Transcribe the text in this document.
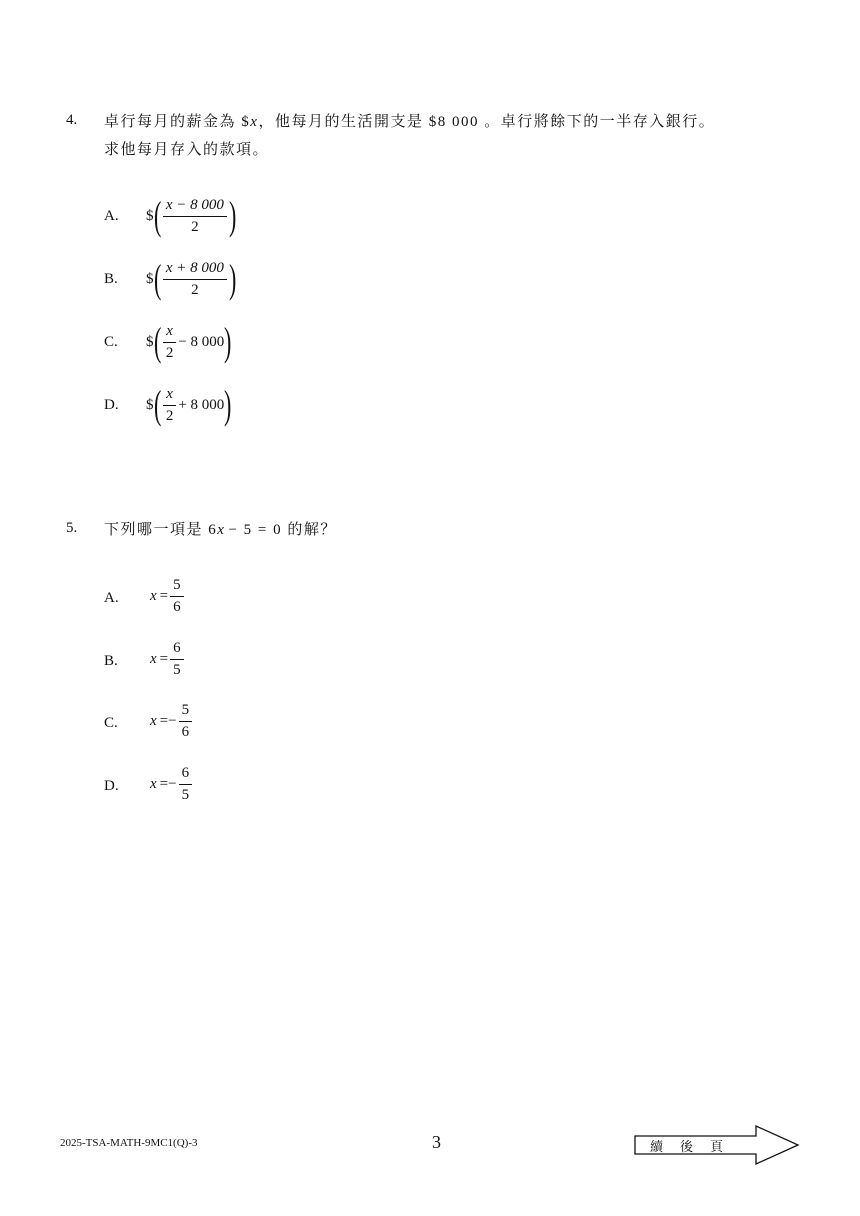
4. 卓行每月的薪金為 $x，他每月的生活開支是 $8 000 。卓行將餘下的一半存入銀行。
求他每月存入的款項。
A. $ ( $\frac{x - 8 000}{2}$ )
B. $ ( $\frac{x + 8 000}{2}$ )
C. $ ( $\frac{x}{2} - 8$ 000 )
D. $ ( $\frac{x}{2} + 8$ 000 )
5. 下列哪一項是 6x − 5 = 0 的解？
A. $x = \frac{5}{6}$
B. $x = \frac{6}{5}$
C. x = − $\frac{5}{6}$
D. x = − $\frac{6}{5}$
2025-TSA-MATH-9MC1(Q)-3	3	續　後　頁
